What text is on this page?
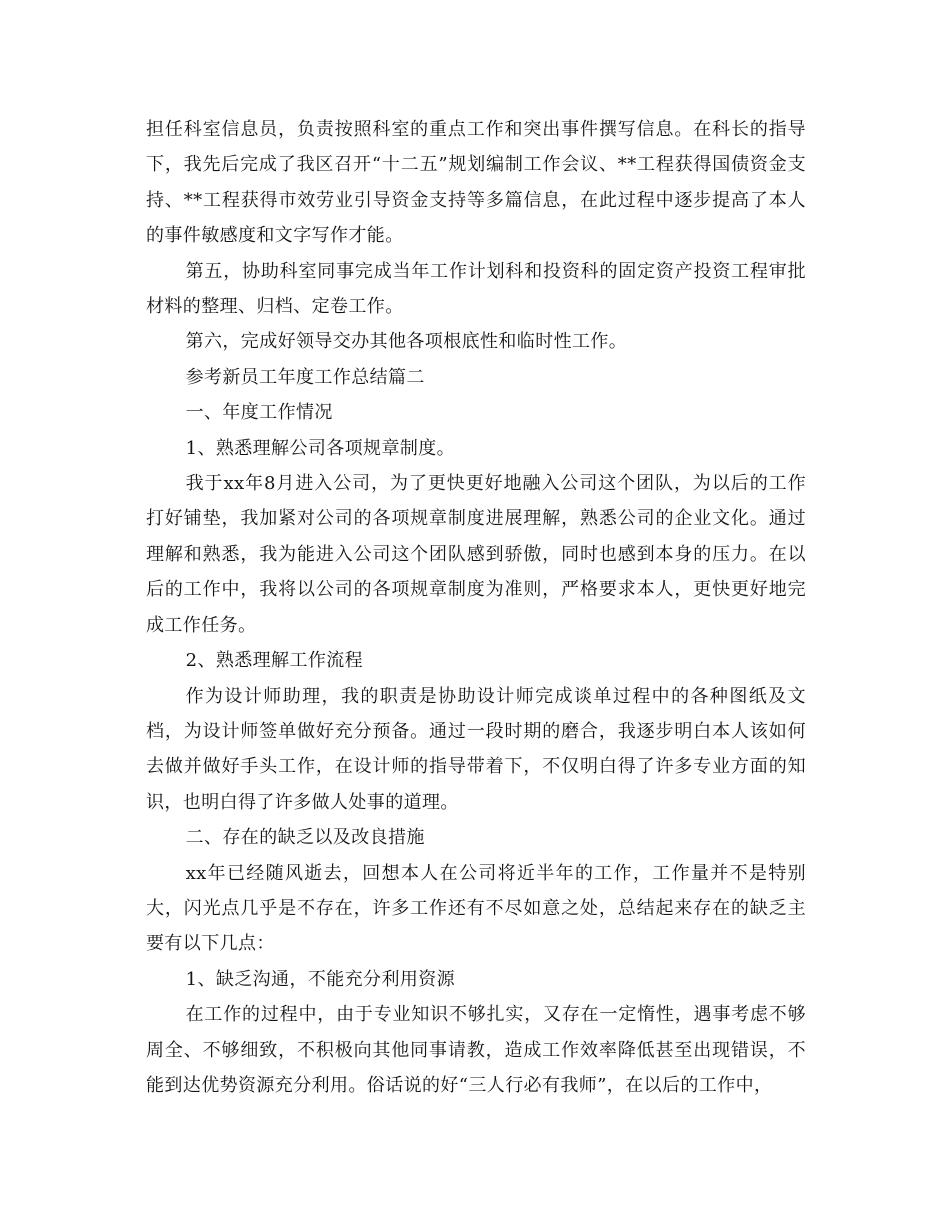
担任科室信息员，负责按照科室的重点工作和突出事件撰写信息。在科长的指导下，我先后完成了我区召开“十二五”规划编制工作会议、**工程获得国债资金支持、**工程获得市效劳业引导资金支持等多篇信息，在此过程中逐步提高了本人的事件敏感度和文字写作才能。

第五，协助科室同事完成当年工作计划科和投资科的固定资产投资工程审批材料的整理、归档、定卷工作。

第六，完成好领导交办其他各项根底性和临时性工作。

参考新员工年度工作总结篇二

一、年度工作情况

1、熟悉理解公司各项规章制度。

我于xx年8月进入公司，为了更快更好地融入公司这个团队，为以后的工作打好铺垫，我加紧对公司的各项规章制度进展理解，熟悉公司的企业文化。通过理解和熟悉，我为能进入公司这个团队感到骄傲，同时也感到本身的压力。在以后的工作中，我将以公司的各项规章制度为准则，严格要求本人，更快更好地完成工作任务。

2、熟悉理解工作流程

作为设计师助理，我的职责是协助设计师完成谈单过程中的各种图纸及文档，为设计师签单做好充分预备。通过一段时期的磨合，我逐步明白本人该如何去做并做好手头工作，在设计师的指导带着下，不仅明白得了许多专业方面的知识，也明白得了许多做人处事的道理。

二、存在的缺乏以及改良措施

xx年已经随风逝去，回想本人在公司将近半年的工作，工作量并不是特别大，闪光点几乎是不存在，许多工作还有不尽如意之处，总结起来存在的缺乏主要有以下几点：

1、缺乏沟通，不能充分利用资源

在工作的过程中，由于专业知识不够扎实，又存在一定惰性，遇事考虑不够周全、不够细致，不积极向其他同事请教，造成工作效率降低甚至出现错误，不能到达优势资源充分利用。俗话说的好“三人行必有我师”，在以后的工作中，
